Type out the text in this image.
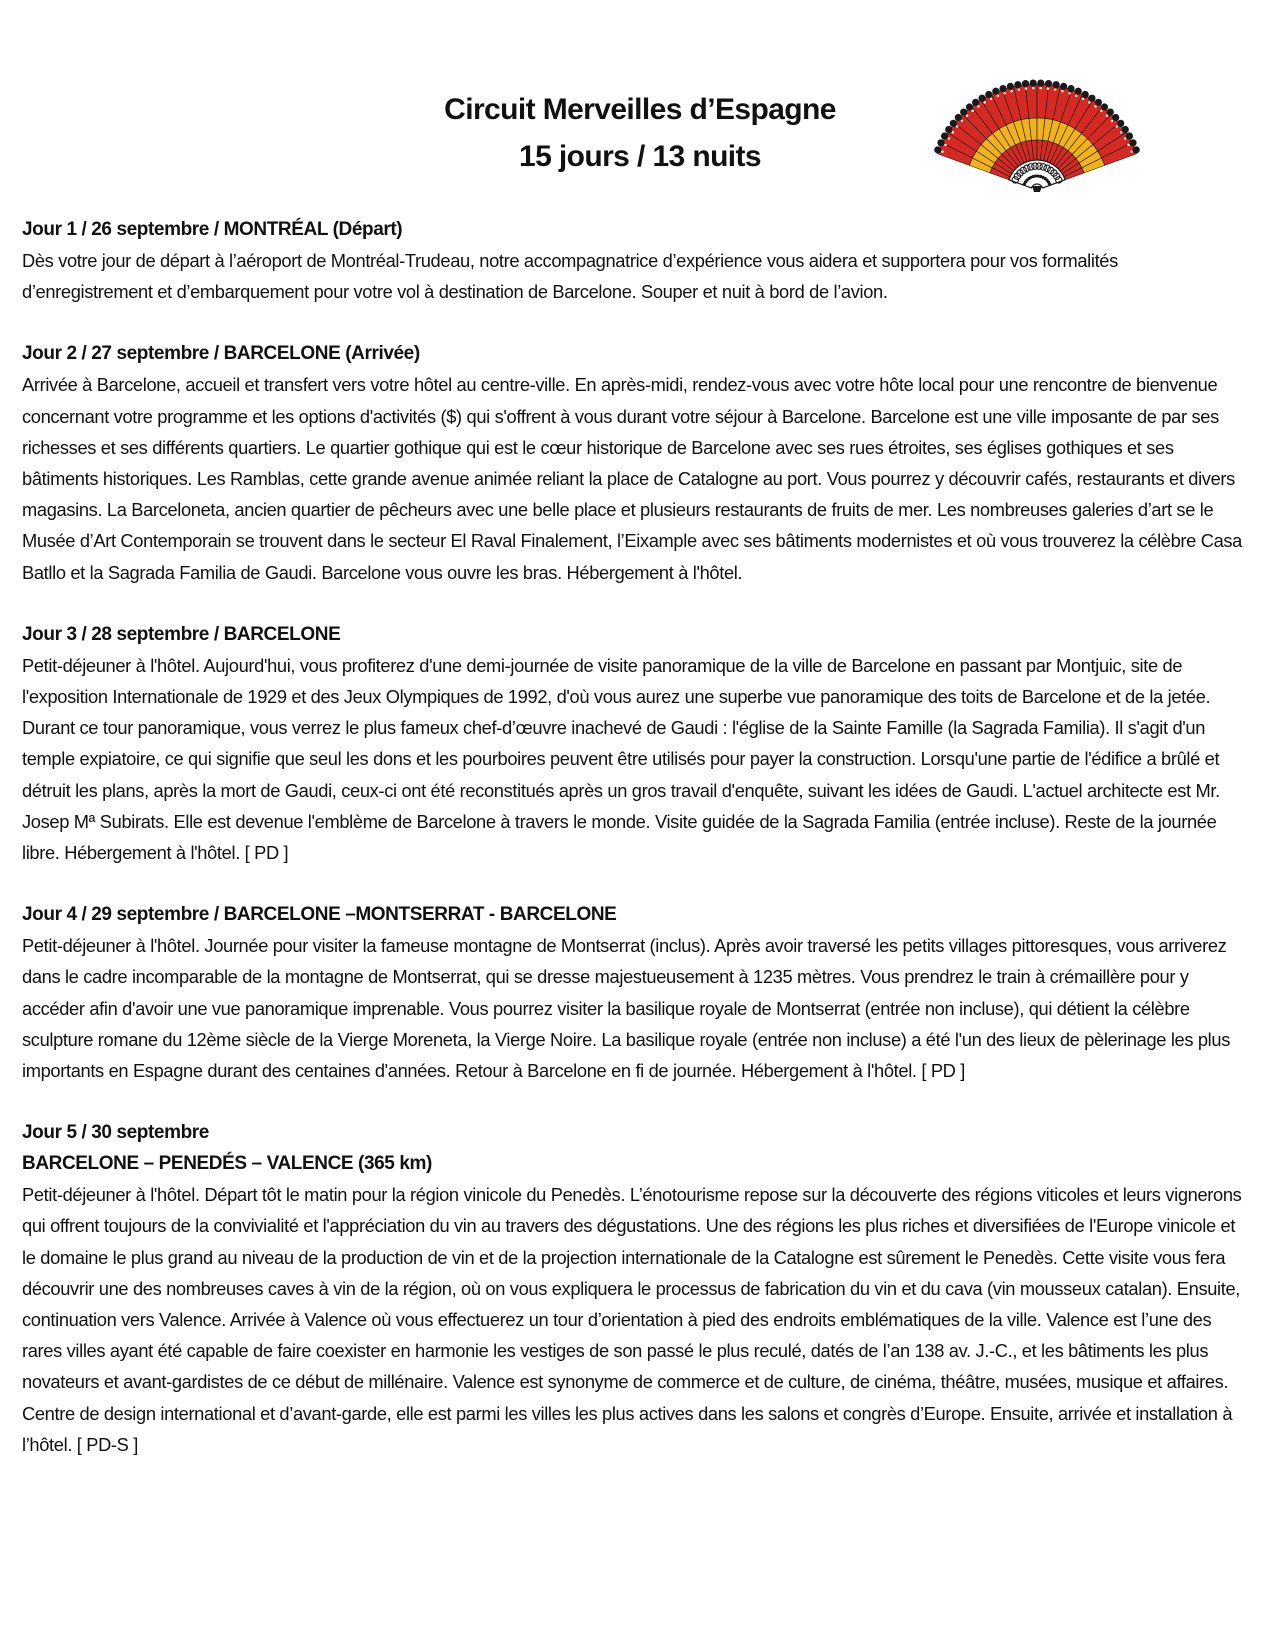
Circuit Merveilles d’Espagne
15 jours / 13 nuits
Jour 1 / 26 septembre / MONTRÉAL (Départ)

Dès votre jour de départ à l’aéroport de Montréal-Trudeau, notre accompagnatrice d’expérience vous aidera et supportera pour vos formalités d’enregistrement et d’embarquement pour votre vol à destination de Barcelone. Souper et nuit à bord de l’avion.

Jour 2 / 27 septembre / BARCELONE (Arrivée)

Arrivée à Barcelone, accueil et transfert vers votre hôtel au centre-ville. En après-midi, rendez-vous avec votre hôte local pour une rencontre de bienvenue concernant votre programme et les options d'activités ($) qui s'offrent à vous durant votre séjour à Barcelone. Barcelone est une ville imposante de par ses richesses et ses différents quartiers. Le quartier gothique qui est le cœur historique de Barcelone avec ses rues étroites, ses églises gothiques et ses bâtiments historiques. Les Ramblas, cette grande avenue animée reliant la place de Catalogne au port. Vous pourrez y découvrir cafés, restaurants et divers magasins. La Barceloneta, ancien quartier de pêcheurs avec une belle place et plusieurs restaurants de fruits de mer. Les nombreuses galeries d’art se le Musée d’Art Contemporain se trouvent dans le secteur El Raval Finalement, l’Eixample avec ses bâtiments modernistes et où vous trouverez la célèbre Casa Batllo et la Sagrada Familia de Gaudi. Barcelone vous ouvre les bras. Hébergement à l'hôtel.

Jour 3 / 28 septembre / BARCELONE

Petit-déjeuner à l'hôtel. Aujourd'hui, vous profiterez d'une demi-journée de visite panoramique de la ville de Barcelone en passant par Montjuic, site de l'exposition Internationale de 1929 et des Jeux Olympiques de 1992, d'où vous aurez une superbe vue panoramique des toits de Barcelone et de la jetée. Durant ce tour panoramique, vous verrez le plus fameux chef-d’œuvre inachevé de Gaudi : l'église de la Sainte Famille (la Sagrada Familia). Il s'agit d'un temple expiatoire, ce qui signifie que seul les dons et les pourboires peuvent être utilisés pour payer la construction. Lorsqu'une partie de l'édifice a brûlé et détruit les plans, après la mort de Gaudi, ceux-ci ont été reconstitués après un gros travail d'enquête, suivant les idées de Gaudi. L'actuel architecte est Mr. Josep Mª Subirats. Elle est devenue l'emblème de Barcelone à travers le monde. Visite guidée de la Sagrada Familia (entrée incluse). Reste de la journée libre. Hébergement à l'hôtel. [ PD ]

Jour 4 / 29 septembre / BARCELONE –MONTSERRAT - BARCELONE

Petit-déjeuner à l'hôtel. Journée pour visiter la fameuse montagne de Montserrat (inclus). Après avoir traversé les petits villages pittoresques, vous arriverez dans le cadre incomparable de la montagne de Montserrat, qui se dresse majestueusement à 1235 mètres. Vous prendrez le train à crémaillère pour y accéder afin d'avoir une vue panoramique imprenable. Vous pourrez visiter la basilique royale de Montserrat (entrée non incluse), qui détient la célèbre sculpture romane du 12ème siècle de la Vierge Moreneta, la Vierge Noire. La basilique royale (entrée non incluse) a été l'un des lieux de pèlerinage les plus importants en Espagne durant des centaines d'années. Retour à Barcelone en fi de journée. Hébergement à l'hôtel. [ PD ]

Jour 5 / 30 septembre
BARCELONE – PENEDÉS – VALENCE (365 km)

Petit-déjeuner à l'hôtel. Départ tôt le matin pour la région vinicole du Penedès. L’énotourisme repose sur la découverte des régions viticoles et leurs vignerons qui offrent toujours de la convivialité et l'appréciation du vin au travers des dégustations. Une des régions les plus riches et diversifiées de l'Europe vinicole et le domaine le plus grand au niveau de la production de vin et de la projection internationale de la Catalogne est sûrement le Penedès. Cette visite vous fera découvrir une des nombreuses caves à vin de la région, où on vous expliquera le processus de fabrication du vin et du cava (vin mousseux catalan). Ensuite, continuation vers Valence. Arrivée à Valence où vous effectuerez un tour d’orientation à pied des endroits emblématiques de la ville. Valence est l’une des rares villes ayant été capable de faire coexister en harmonie les vestiges de son passé le plus reculé, datés de l’an 138 av. J.-C., et les bâtiments les plus novateurs et avant-gardistes de ce début de millénaire. Valence est synonyme de commerce et de culture, de cinéma, théâtre, musées, musique et affaires. Centre de design international et d’avant-garde, elle est parmi les villes les plus actives dans les salons et congrès d’Europe. Ensuite, arrivée et installation à l’hôtel. [ PD-S ]
